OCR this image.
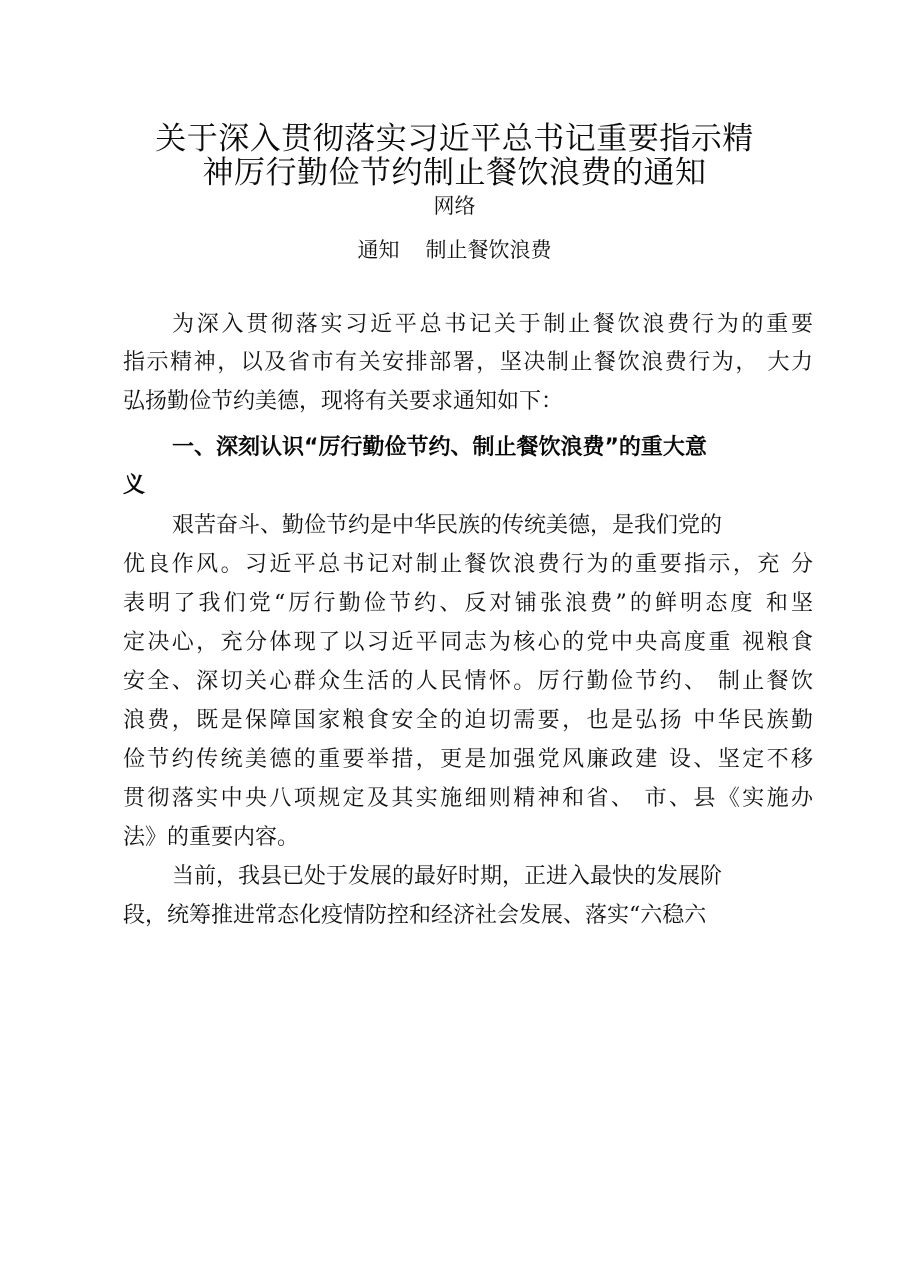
关于深入贯彻落实习近平总书记重要指示精
神厉行勤俭节约制止餐饮浪费的通知
网络
通知 制止餐饮浪费
为深入贯彻落实习近平总书记关于制止餐饮浪费行为的重要
指示精神，以及省市有关安排部署，坚决制止餐饮浪费行为， 大力
弘扬勤俭节约美德，现将有关要求通知如下：
一、深刻认识“厉行勤俭节约、制止餐饮浪费”的重大意
义
艰苦奋斗、勤俭节约是中华民族的传统美德，是我们党的
优良作风。习近平总书记对制止餐饮浪费行为的重要指示，充 分
表明了我们党“厉行勤俭节约、反对铺张浪费”的鲜明态度 和坚
定决心，充分体现了以习近平同志为核心的党中央高度重 视粮食
安全、深切关心群众生活的人民情怀。厉行勤俭节约、 制止餐饮
浪费，既是保障国家粮食安全的迫切需要，也是弘扬 中华民族勤
俭节约传统美德的重要举措，更是加强党风廉政建 设、坚定不移
贯彻落实中央八项规定及其实施细则精神和省、 市、县《实施办
法》的重要内容。
当前，我县已处于发展的最好时期，正进入最快的发展阶
段，统筹推进常态化疫情防控和经济社会发展、落实“六稳六
